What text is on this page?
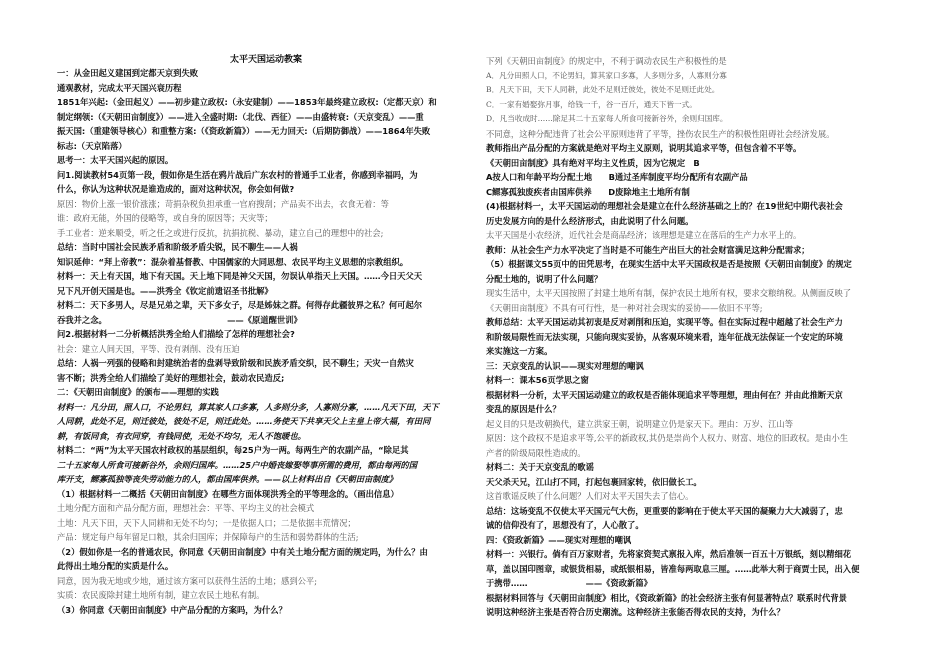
太平天国运动教案

一：从金田起义建国到定都天京到失败

通观教材，完成太平天国兴衰历程

1851年兴起:（金田起义）——初步建立政权:（永安建制）——1853年最终建立政权:（定都天京）和

制定纲领:（《天朝田亩制度》）——进入全盛时期:（北伐、西征）——由盛转衰:（天京变乱）——重

振天国:（重建领导核心）和重整方案:（《资政新篇》）——无力回天:（后期防御战）——1864年失败

标志:（天京陷落）

思考一：太平天国兴起的原因。

问1.阅读教材54页第一段，假如你是生活在鸦片战后广东农村的普通手工业者，你感到幸福吗，为

什么，你认为这种状况是谁造成的，面对这种状况，你会如何做?

原因：物价上涨一银价涨涨；苛捐杂税负担承重一官府搜刮；产品卖不出去，衣食无着：等

谁：政府无能，外国的侵略等，或自身的原因等；天灾等；

手工业者：逆来顺受，听之任之或进行反抗，抗捐抗税、暴动，建立自己的理想中的社会;

总结：当时中国社会民族矛盾和阶级矛盾尖锐，民不聊生——人祸

知识延伸：“拜上帝教”：混杂着基督教、中国儒家的大同思想、农民平均主义思想的宗教组织。

材料一：天上有天国，地下有天国。天上地下同是神父天国，勿误认单指天上天国。……今日天父天

兄下凡开创天国是也。——洪秀全《钦定前遗诏圣书批解》

材料二：天下多男人，尽是兄弟之辈，天下多女子，尽是姊妹之群。何得存此疆彼界之私？何可起尔

吞我并之念。　　　　　　　　　　　　　　　——《原道醒世训》

问2.根据材料一二分析概括洪秀全给人们描绘了怎样的理想社会?

社会：建立人间天国，平等、没有剥削、没有压迫

总结：人祸一列强的侵略和封建统治者的盘剥导致阶级和民族矛盾交织，民不聊生；天灾一自然灾

害不断；洪秀全给人们描绘了美好的理想社会，鼓动农民造反;

二：《天朝田亩制度》的颁布——理想的实践

材料一：凡分田，照人口，不论男妇，算其家人口多寡，人多则分多，人寡则分寡，……凡天下田，天下

人同耕，此处不足，则迁彼处，彼处不足，则迁此处。……务使天下共享天父上主皇上帝大福，有田同

耕，有饭同食，有衣同穿，有钱同使，无处不均匀，无人不饱暖也。

材料二：“两”为太平天国农村政权的基层组织，每25户为一两。每两生产的农副产品，“除足其

二十五家每人所食可接新谷外，余则归国库。……25户中婚丧嫁娶等事所需的费用，都由每两的国

库开支，鳏寡孤独等丧失劳动能力的人，都由国库供养。——以上材料出自《天朝田亩制度》

（1）根据材料一二概括《天朝田亩制度》在哪些方面体现洪秀全的平等理念的。（画出信息）

土地分配方面和产品分配方面，理想社会：平等、平均主义的社会模式

土地：凡天下田，天下人同耕和无处不均匀；一是依据人口；二是依据丰荒情况；

产品：规定每户每年留足口粮，其余归国库；并保障每户的生活和弱势群体的生活;

（2）假如你是一名的普通农民，你同意《天朝田亩制度》中有关土地分配方面的规定吗，为什么？由

此得出土地分配的实质是什么。

同意，因为我无地或少地，通过该方案可以获得生活的土地；感到公平;

实质：农民废除封建土地所有制，建立农民土地私有制。

（3）你同意《天朝田亩制度》中产品分配的方案吗，为什么？

下列《天朝田亩制度》的规定中，不利于调动农民生产积极性的是

A．凡分田照人口，不论男妇，算其家口多寡，人多则分多，人寡则分寡

B．凡天下田，天下人同耕，此处不足则迁彼处，彼处不足则迁此处。

C．一家有婚娶弥月事，给钱一千，谷一百斤，通天下皆一式。

D．凡当收成时……除足其二十五家每人所食可接新谷外，余则归国库。

不同意，这种分配违背了社会公平原则违背了平等，挫伤农民生产的积极性阻碍社会经济发展。

教师指出产品分配的方案就是绝对平均主义原则，说明其追求平等，但包含着不平等。

《天朝田亩制度》具有绝对平均主义性质，因为它规定　B

A按人口和年龄平均分配土地　　B通过圣库制度平均分配所有农副产品

C鳏寡孤独废疾者由国库供养　　D废除地主土地所有制

(4)根据材料一，太平天国运动的理想社会是建立在什么经济基础之上的？在19世纪中期代表社会

历史发展方向的是什么经济形式，由此说明了什么问题。

太平天国是小农经济，近代社会是商品经济；该理想是建立在落后的生产力水平上的。

教师：从社会生产力水平决定了当时是不可能生产出巨大的社会财富满足这种分配需求；

（5）根据课文55页中的田凭思考，在现实生活中太平天国政权是否是按照《天朝田亩制度》的规定

分配土地的，说明了什么问题？

现实生活中，太平天国按照了封建土地所有制，保护农民土地所有权，要求交粮纳税。从侧面反映了

《天朝田亩制度》不具有可行性，是一种对社会现实的妥协——依旧不平等;

教师总结：太平天国运动其初衷是反对剥削和压迫，实现平等。但在实际过程中超越了社会生产力

和阶级局限性而无法实现，只能向现实妥协，从客观环境来看，连年征战无法保证一个安定的环境

来实施这一方案。

三：天京变乱的认识——现实对理想的嘲讽

材料一：课本56页学思之窗

根据材料一分析，太平天国运动建立的政权是否能体现追求平等理想，理由何在？并由此推断天京

变乱的原因是什么？

起义目的只是改朝换代，建立洪家王朝，说明建立仍是家天下。理由：万岁、江山等

原因：这个政权不是追求平等,公平的新政权,其仍是崇尚个人权力、财富、地位的旧政权。是由小生

产者的阶级局限性造成的。

材料二：关于天京变乱的歌谣

天父杀天兄，江山打不同，打起包裹回家转，依旧做长工。

这首歌谣反映了什么问题？人们对太平天国失去了信心。

总结：这场变乱不仅使太平天国元气大伤，更重要的影响在于使太平天国的凝聚力大大减弱了，忠

诚的信仰没有了，思想没有了，人心散了。

四：《资政新篇》——现实对理想的嘲讽

材料一：兴银行。倘有百万家财者，先将家资契式禀报入库，然后准领一百五十万银纸，刻以精细花

草，盖以国印图章，或银货相易，或纸银相易，皆准每两取息三厘。……此举大利于商贾士民，出入便

于携带……　　　　　　　——《资政新篇》

根据材料回答与《天朝田亩制度》相比，《资政新篇》的社会经济主张有何显著特点？联系时代背景

说明这种经济主张是否符合历史潮流。这种经济主张能否得农民的支持，为什么？
